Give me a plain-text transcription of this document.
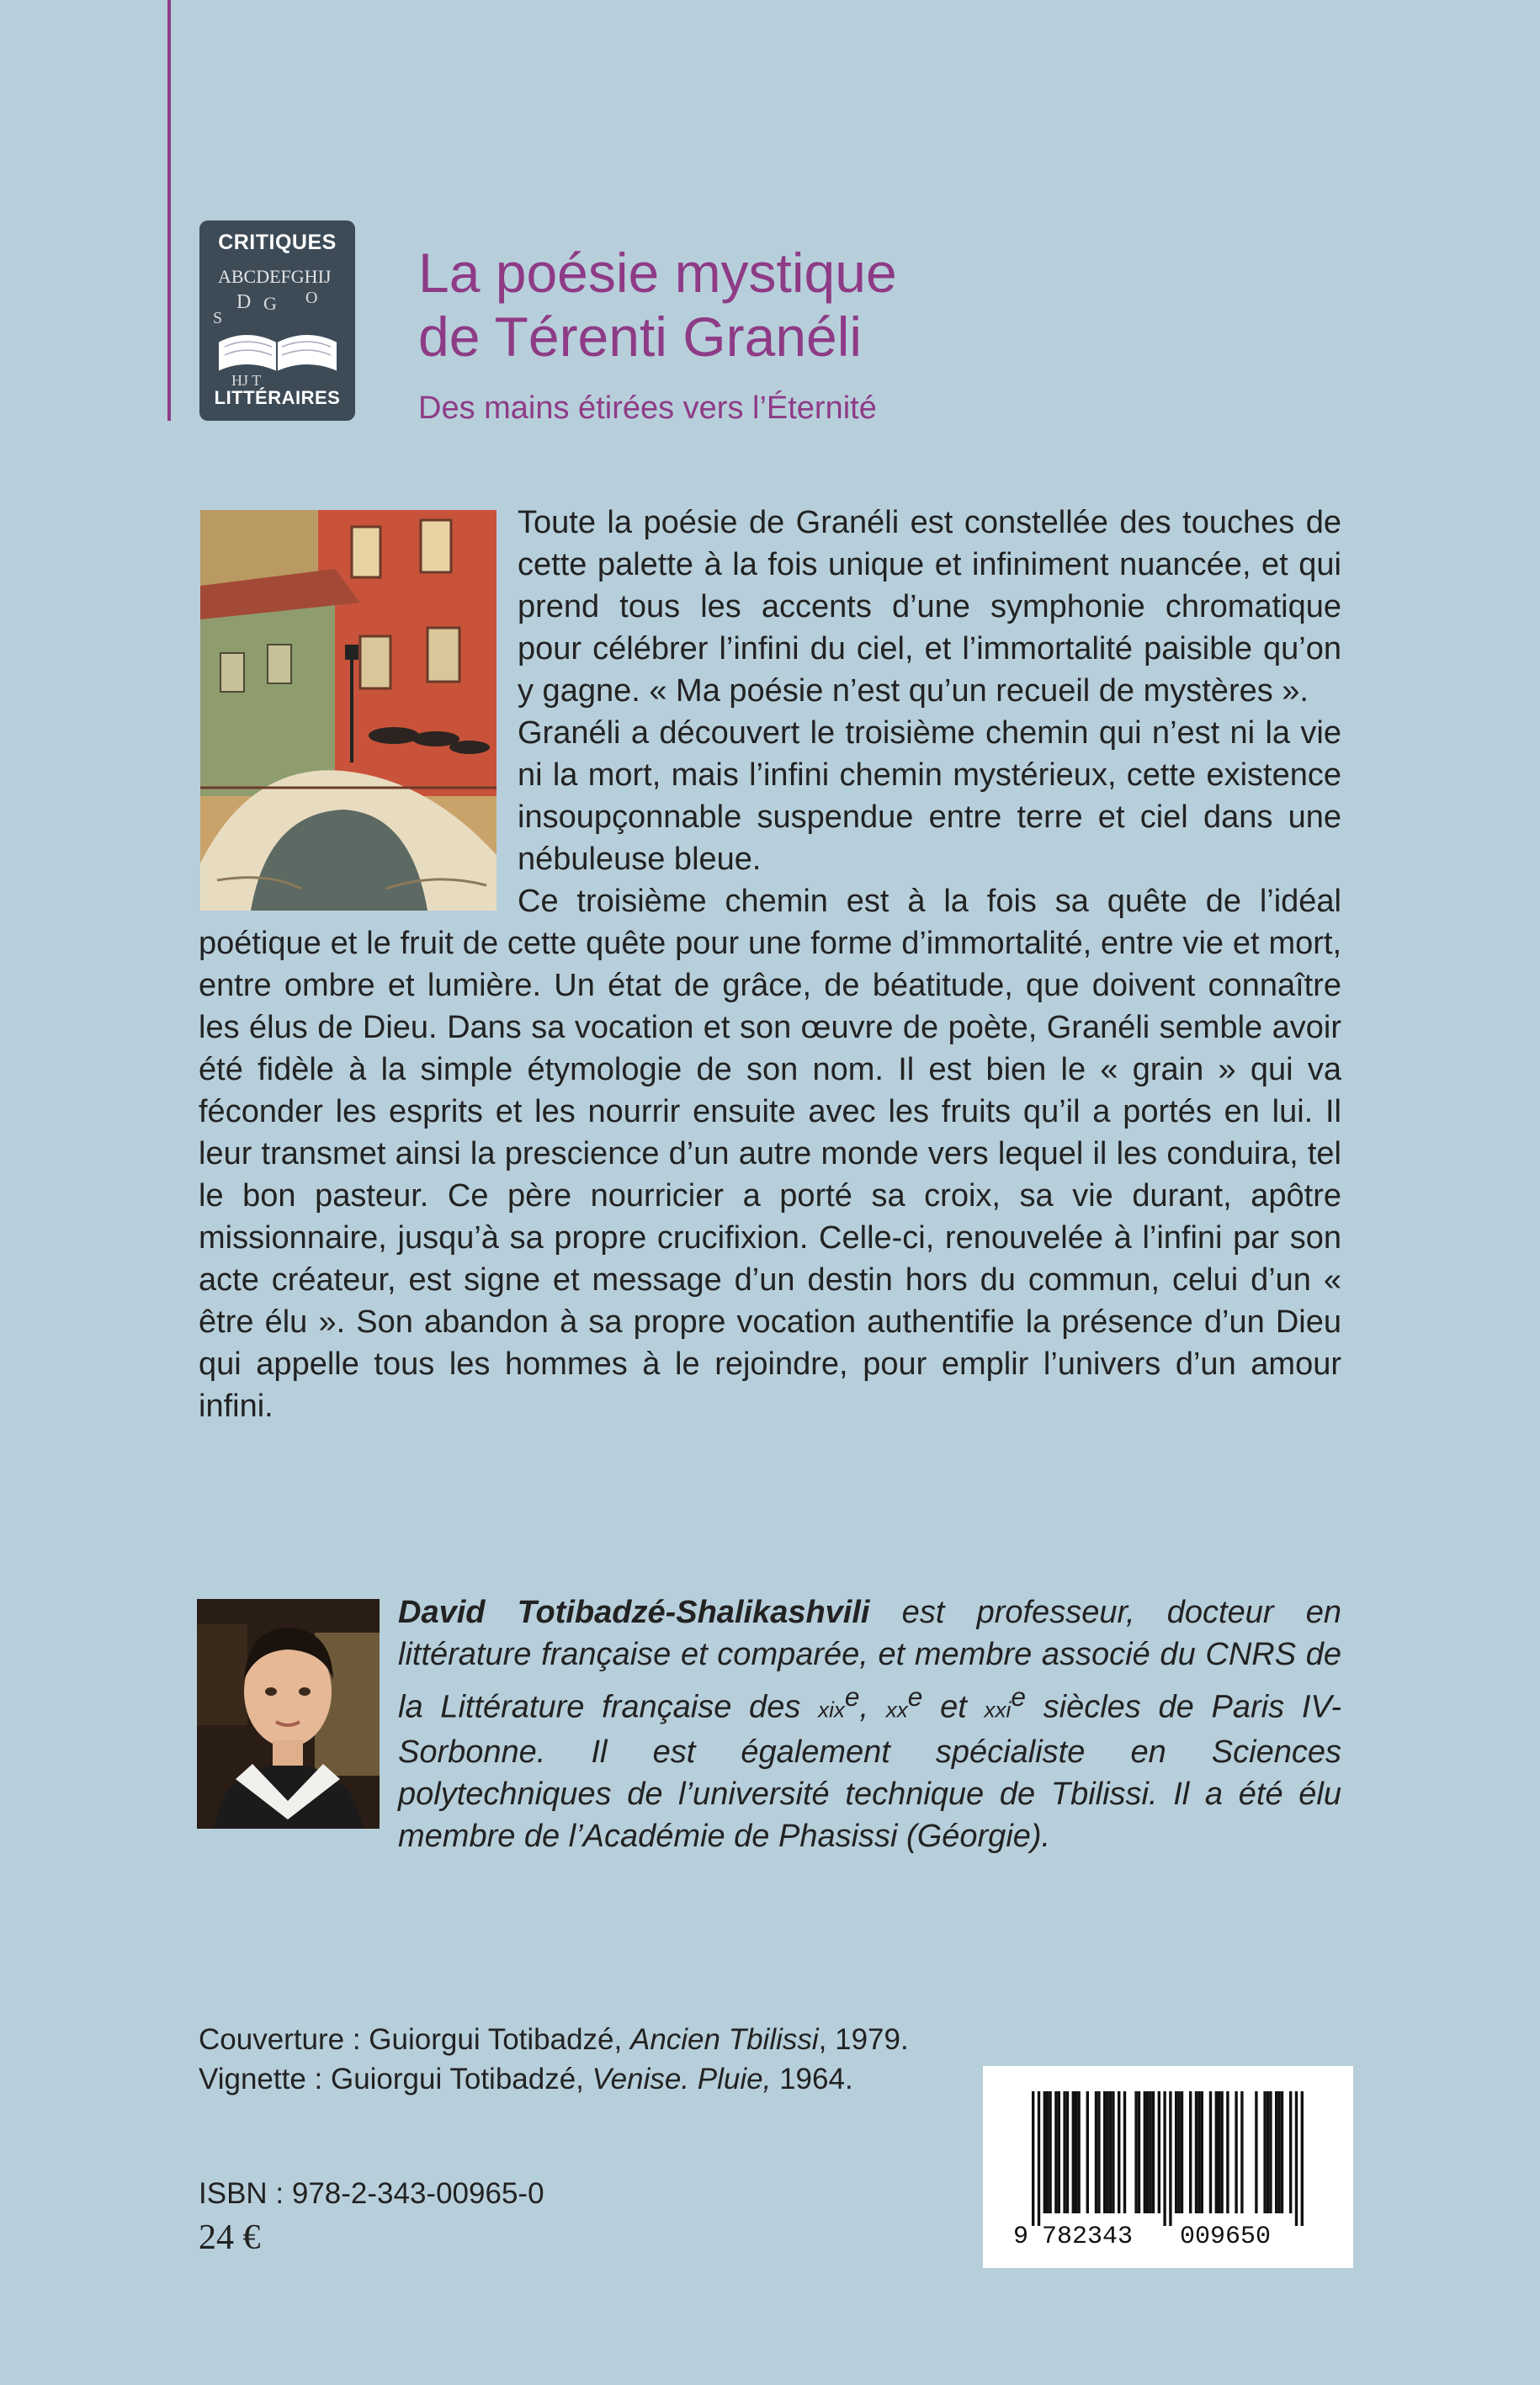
CRITIQUES
ABCDEFGHIJ
D G O
S
HJ T
LITTÉRAIRES
La poésie mystique
de Térenti Granéli
Des mains étirées vers l’Éternité

Toute la poésie de Granéli est constellée des touches de cette palette à la fois unique et infiniment nuancée, et qui prend tous les accents d’une symphonie chromatique pour célébrer l’infini du ciel, et l’immortalité paisible qu’on y gagne. « Ma poésie n’est qu’un recueil de mystères ».

Granéli a découvert le troisième chemin qui n’est ni la vie ni la mort, mais l’infini chemin mystérieux, cette existence insoupçonnable suspendue entre terre et ciel dans une nébuleuse bleue.

Ce troisième chemin est à la fois sa quête de l’idéal poétique et le fruit de cette quête pour une forme d’immortalité, entre vie et mort, entre ombre et lumière. Un état de grâce, de béatitude, que doivent connaître les élus de Dieu. Dans sa vocation et son œuvre de poète, Granéli semble avoir été fidèle à la simple étymologie de son nom. Il est bien le « grain » qui va féconder les esprits et les nourrir ensuite avec les fruits qu’il a portés en lui. Il leur transmet ainsi la prescience d’un autre monde vers lequel il les conduira, tel le bon pasteur. Ce père nourricier a porté sa croix, sa vie durant, apôtre missionnaire, jusqu’à sa propre crucifixion. Celle-ci, renouvelée à l’infini par son acte créateur, est signe et message d’un destin hors du commun, celui d’un « être élu ». Son abandon à sa propre vocation authentifie la présence d’un Dieu qui appelle tous les hommes à le rejoindre, pour emplir l’univers d’un amour infini.

David Totibadzé-Shalikashvili est professeur, docteur en littérature française et comparée, et membre associé du CNRS de la Littérature française des xix$^e$, $xx^e$ et xxi$^e$ siècles de Paris IV-Sorbonne. Il est également spécialiste en Sciences polytechniques de l’université technique de Tbilissi. Il a été élu membre de l’Académie de Phasissi (Géorgie).

Couverture : Guiorgui Totibadzé, Ancien Tbilissi, 1979.

Vignette : Guiorgui Totibadzé, Venise. Pluie, 1964.

ISBN : 978-2-343-00965-0
24 €	9 782343 009650
